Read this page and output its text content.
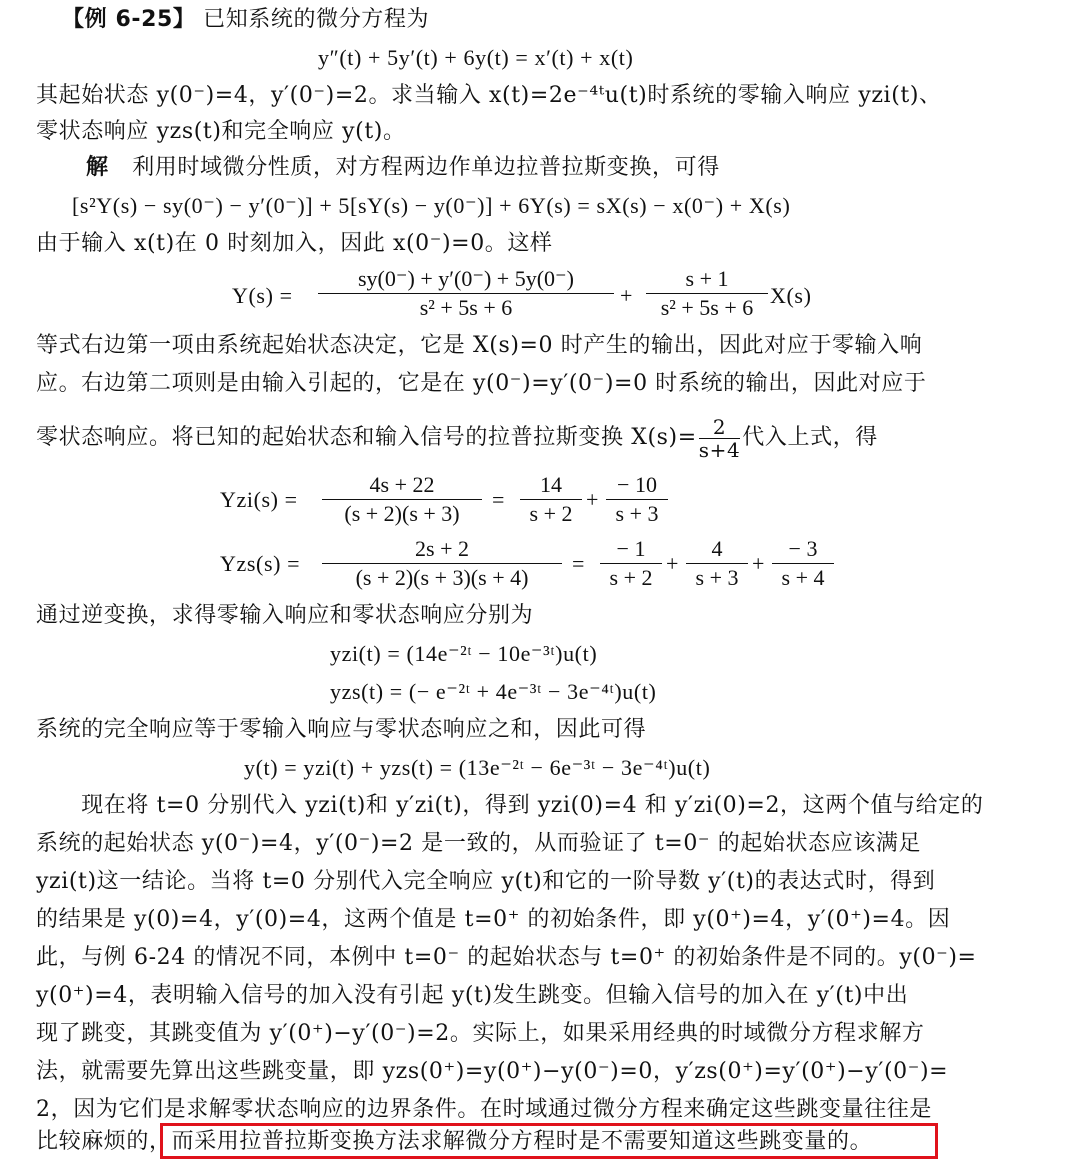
【例 6-25】 已知系统的微分方程为
y″(t) + 5y′(t) + 6y(t) = x′(t) + x(t)
其起始状态 y(0⁻)=4，y′(0⁻)=2。求当输入 x(t)=2e⁻⁴ᵗu(t)时系统的零输入响应 yzi(t)、
零状态响应 yzs(t)和完全响应 y(t)。
解 利用时域微分性质，对方程两边作单边拉普拉斯变换，可得
[s²Y(s) − sy(0⁻) − y′(0⁻)] + 5[sY(s) − y(0⁻)] + 6Y(s) = sX(s) − x(0⁻) + X(s)
由于输入 x(t)在 0 时刻加入，因此 x(0⁻)=0。这样
Y(s) =
sy(0⁻) + y′(0⁻) + 5y(0⁻)
s² + 5s + 6	+
s + 1
s² + 5s + 6 X(s)
等式右边第一项由系统起始状态决定，它是 X(s)=0 时产生的输出，因此对应于零输入响
应。右边第二项则是由输入引起的，它是在 y(0⁻)=y′(0⁻)=0 时系统的输出，因此对应于
零状态响应。将已知的起始状态和输入信号的拉普拉斯变换 $X(s)= \frac{2}{s+4}$ 代入上式，得
Yzi(s) =
4s + 22
(s + 2)(s + 3)
=
14
s + 2
+
− 10
s + 3
Yzs(s) =
2s + 2
(s + 2)(s + 3)(s + 4)
=
− 1
s + 2
+
4
s + 3
+
− 3
s + 4
通过逆变换，求得零输入响应和零状态响应分别为
yzi(t) = (14e⁻²ᵗ − 10e⁻³ᵗ)u(t)
yzs(t) = (− e⁻²ᵗ + 4e⁻³ᵗ − 3e⁻⁴ᵗ)u(t)
系统的完全响应等于零输入响应与零状态响应之和，因此可得
y(t) = yzi(t) + yzs(t) = (13e⁻²ᵗ − 6e⁻³ᵗ − 3e⁻⁴ᵗ)u(t)
　　现在将 t=0 分别代入 yzi(t)和 y′zi(t)，得到 yzi(0)=4 和 y′zi(0)=2，这两个值与给定的
系统的起始状态 y(0⁻)=4，y′(0⁻)=2 是一致的，从而验证了 t=0⁻ 的起始状态应该满足
yzi(t)这一结论。当将 t=0 分别代入完全响应 y(t)和它的一阶导数 y′(t)的表达式时，得到
的结果是 y(0)=4，y′(0)=4，这两个值是 t=0⁺ 的初始条件，即 y(0⁺)=4，y′(0⁺)=4。因
此，与例 6-24 的情况不同，本例中 t=0⁻ 的起始状态与 t=0⁺ 的初始条件是不同的。y(0⁻)=
y(0⁺)=4，表明输入信号的加入没有引起 y(t)发生跳变。但输入信号的加入在 y′(t)中出
现了跳变，其跳变值为 y′(0⁺)−y′(0⁻)=2。实际上，如果采用经典的时域微分方程求解方
法，就需要先算出这些跳变量，即 yzs(0⁺)=y(0⁺)−y(0⁻)=0，y′zs(0⁺)=y′(0⁺)−y′(0⁻)=
2，因为它们是求解零状态响应的边界条件。在时域通过微分方程来确定这些跳变量往往是
比较麻烦的，而采用拉普拉斯变换方法求解微分方程时是不需要知道这些跳变量的。
